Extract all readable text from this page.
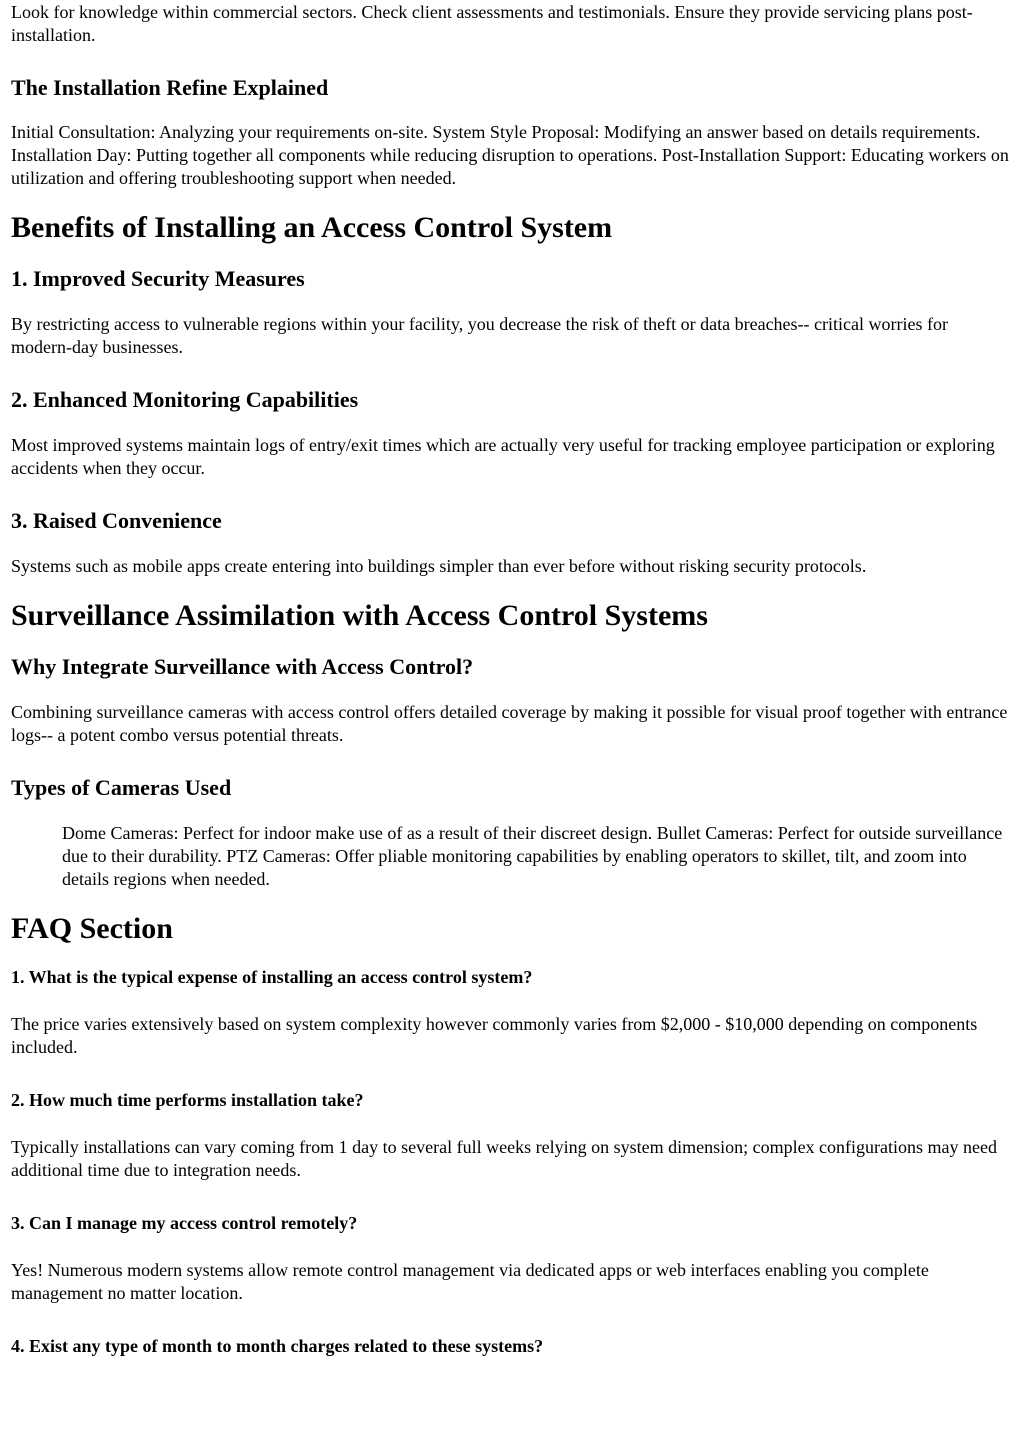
Look for knowledge within commercial sectors. Check client assessments and testimonials. Ensure they provide servicing plans post-installation.

The Installation Refine Explained

Initial Consultation: Analyzing your requirements on-site. System Style Proposal: Modifying an answer based on details requirements. Installation Day: Putting together all components while reducing disruption to operations. Post-Installation Support: Educating workers on utilization and offering troubleshooting support when needed.

Benefits of Installing an Access Control System
1. Improved Security Measures

By restricting access to vulnerable regions within your facility, you decrease the risk of theft or data breaches-- critical worries for modern-day businesses.

2. Enhanced Monitoring Capabilities

Most improved systems maintain logs of entry/exit times which are actually very useful for tracking employee participation or exploring accidents when they occur.

3. Raised Convenience

Systems such as mobile apps create entering into buildings simpler than ever before without risking security protocols.

Surveillance Assimilation with Access Control Systems
Why Integrate Surveillance with Access Control?

Combining surveillance cameras with access control offers detailed coverage by making it possible for visual proof together with entrance logs-- a potent combo versus potential threats.

Types of Cameras Used
Dome Cameras: Perfect for indoor make use of as a result of their discreet design. Bullet Cameras: Perfect for outside surveillance due to their durability. PTZ Cameras: Offer pliable monitoring capabilities by enabling operators to skillet, tilt, and zoom into details regions when needed.
FAQ Section
1. What is the typical expense of installing an access control system?

The price varies extensively based on system complexity however commonly varies from $2,000 - $10,000 depending on components included.

2. How much time performs installation take?

Typically installations can vary coming from 1 day to several full weeks relying on system dimension; complex configurations may need additional time due to integration needs.

3. Can I manage my access control remotely?

Yes! Numerous modern systems allow remote control management via dedicated apps or web interfaces enabling you complete management no matter location.

4. Exist any type of month to month charges related to these systems?
